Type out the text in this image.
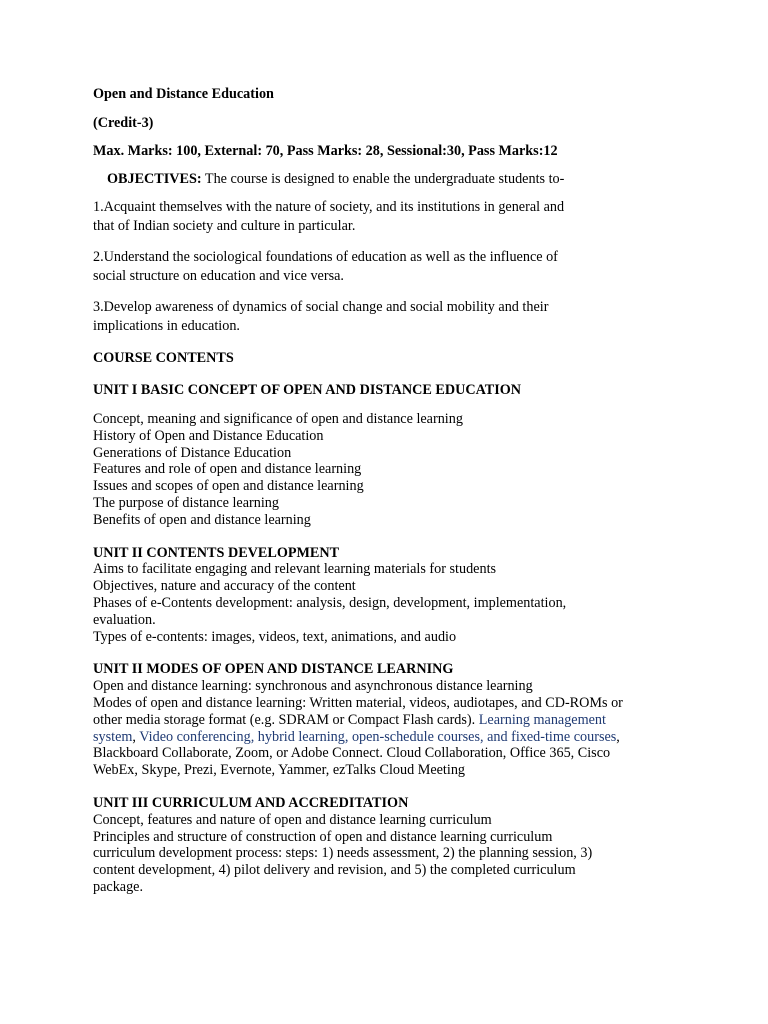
Open and Distance Education
(Credit-3)
Max. Marks: 100, External: 70, Pass Marks: 28, Sessional:30, Pass Marks:12
OBJECTIVES: The course is designed to enable the undergraduate students to-
1.Acquaint themselves with the nature of society, and its institutions in general and
that of Indian society and culture in particular.
2.Understand the sociological foundations of education as well as the influence of
social structure on education and vice versa.
3.Develop awareness of dynamics of social change and social mobility and their
implications in education.
COURSE CONTENTS
UNIT I BASIC CONCEPT OF OPEN AND DISTANCE EDUCATION
Concept, meaning and significance of open and distance learning
History of Open and Distance Education
Generations of Distance Education
Features and role of open and distance learning
Issues and scopes of open and distance learning
The purpose of distance learning
Benefits of open and distance learning
UNIT II CONTENTS DEVELOPMENT
Aims to facilitate engaging and relevant learning materials for students
Objectives, nature and accuracy of the content
Phases of e-Contents development: analysis, design, development, implementation,
evaluation.
Types of e-contents: images, videos, text, animations, and audio
UNIT II MODES OF OPEN AND DISTANCE LEARNING
Open and distance learning: synchronous and asynchronous distance learning
Modes of open and distance learning: Written material, videos, audiotapes, and CD-ROMs or
other media storage format (e.g. SDRAM or Compact Flash cards). Learning management
system, Video conferencing, hybrid learning, open-schedule courses, and fixed-time courses,
Blackboard Collaborate, Zoom, or Adobe Connect. Cloud Collaboration, Office 365, Cisco
WebEx, Skype, Prezi, Evernote, Yammer, ezTalks Cloud Meeting
UNIT III CURRICULUM AND ACCREDITATION
Concept, features and nature of open and distance learning curriculum
Principles and structure of construction of open and distance learning curriculum
curriculum development process: steps: 1) needs assessment, 2) the planning session, 3)
content development, 4) pilot delivery and revision, and 5) the completed curriculum
package.
